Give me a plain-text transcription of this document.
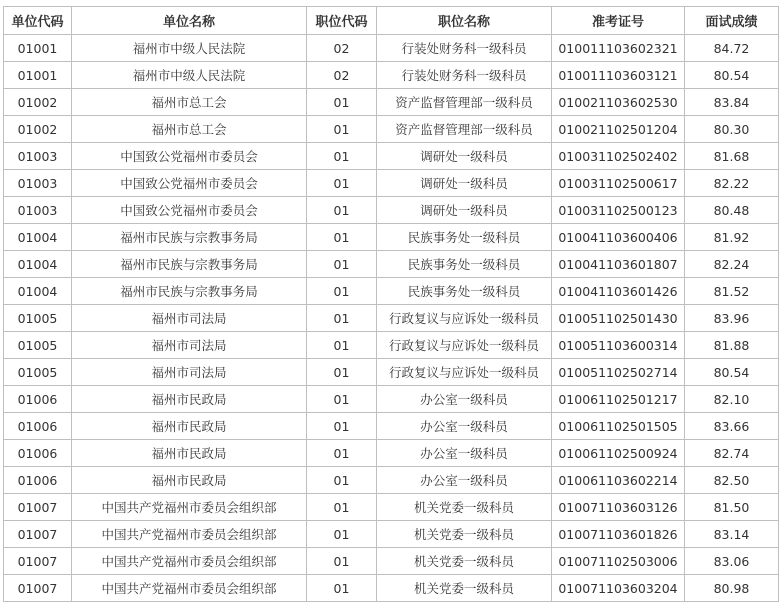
单位代码	单位名称	职位代码	职位名称	准考证号	面试成绩
01001	福州市中级人民法院	02	行装处财务科一级科员	010011103602321	84.72
01001	福州市中级人民法院	02	行装处财务科一级科员	010011103603121	80.54
01002	福州市总工会	01	资产监督管理部一级科员	010021103602530	83.84
01002	福州市总工会	01	资产监督管理部一级科员	010021102501204	80.30
01003	中国致公党福州市委员会	01	调研处一级科员	010031102502402	81.68
01003	中国致公党福州市委员会	01	调研处一级科员	010031102500617	82.22
01003	中国致公党福州市委员会	01	调研处一级科员	010031102500123	80.48
01004	福州市民族与宗教事务局	01	民族事务处一级科员	010041103600406	81.92
01004	福州市民族与宗教事务局	01	民族事务处一级科员	010041103601807	82.24
01004	福州市民族与宗教事务局	01	民族事务处一级科员	010041103601426	81.52
01005	福州市司法局	01	行政复议与应诉处一级科员	010051102501430	83.96
01005	福州市司法局	01	行政复议与应诉处一级科员	010051103600314	81.88
01005	福州市司法局	01	行政复议与应诉处一级科员	010051102502714	80.54
01006	福州市民政局	01	办公室一级科员	010061102501217	82.10
01006	福州市民政局	01	办公室一级科员	010061102501505	83.66
01006	福州市民政局	01	办公室一级科员	010061102500924	82.74
01006	福州市民政局	01	办公室一级科员	010061103602214	82.50
01007	中国共产党福州市委员会组织部	01	机关党委一级科员	010071103603126	81.50
01007	中国共产党福州市委员会组织部	01	机关党委一级科员	010071103601826	83.14
01007	中国共产党福州市委员会组织部	01	机关党委一级科员	010071102503006	83.06
01007	中国共产党福州市委员会组织部	01	机关党委一级科员	010071103603204	80.98
